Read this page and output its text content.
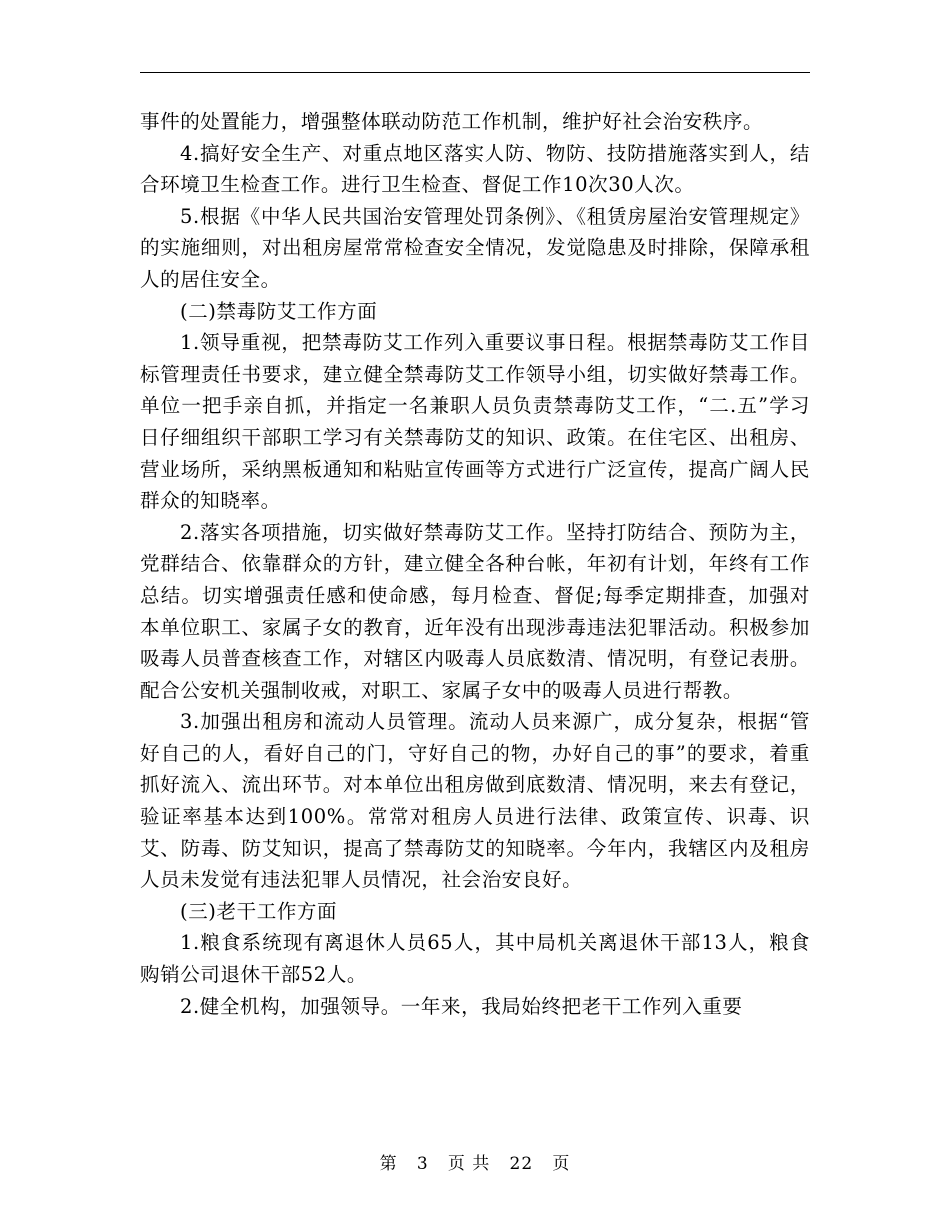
事件的处置能力，增强整体联动防范工作机制，维护好社会治安秩序。

4.搞好安全生产、对重点地区落实人防、物防、技防措施落实到人，结合环境卫生检查工作。进行卫生检查、督促工作10次30人次。

5.根据《中华人民共国治安管理处罚条例》、《租赁房屋治安管理规定》的实施细则，对出租房屋常常检查安全情况，发觉隐患及时排除，保障承租人的居住安全。

(二)禁毒防艾工作方面

1.领导重视，把禁毒防艾工作列入重要议事日程。根据禁毒防艾工作目标管理责任书要求，建立健全禁毒防艾工作领导小组，切实做好禁毒工作。单位一把手亲自抓，并指定一名兼职人员负责禁毒防艾工作，“二.五”学习日仔细组织干部职工学习有关禁毒防艾的知识、政策。在住宅区、出租房、营业场所，采纳黑板通知和粘贴宣传画等方式进行广泛宣传，提高广阔人民群众的知晓率。

2.落实各项措施，切实做好禁毒防艾工作。坚持打防结合、预防为主，党群结合、依靠群众的方针，建立健全各种台帐，年初有计划，年终有工作总结。切实增强责任感和使命感，每月检查、督促;每季定期排查，加强对本单位职工、家属子女的教育，近年没有出现涉毒违法犯罪活动。积极参加吸毒人员普查核查工作，对辖区内吸毒人员底数清、情况明，有登记表册。配合公安机关强制收戒，对职工、家属子女中的吸毒人员进行帮教。

3.加强出租房和流动人员管理。流动人员来源广，成分复杂，根据“管好自己的人，看好自己的门，守好自己的物，办好自己的事”的要求，着重抓好流入、流出环节。对本单位出租房做到底数清、情况明，来去有登记，验证率基本达到100%。常常对租房人员进行法律、政策宣传、识毒、识艾、防毒、防艾知识，提高了禁毒防艾的知晓率。今年内，我辖区内及租房人员未发觉有违法犯罪人员情况，社会治安良好。

(三)老干工作方面

1.粮食系统现有离退休人员65人，其中局机关离退休干部13人，粮食购销公司退休干部52人。

2.健全机构，加强领导。一年来，我局始终把老干工作列入重要

第 3 页 共 22 页
